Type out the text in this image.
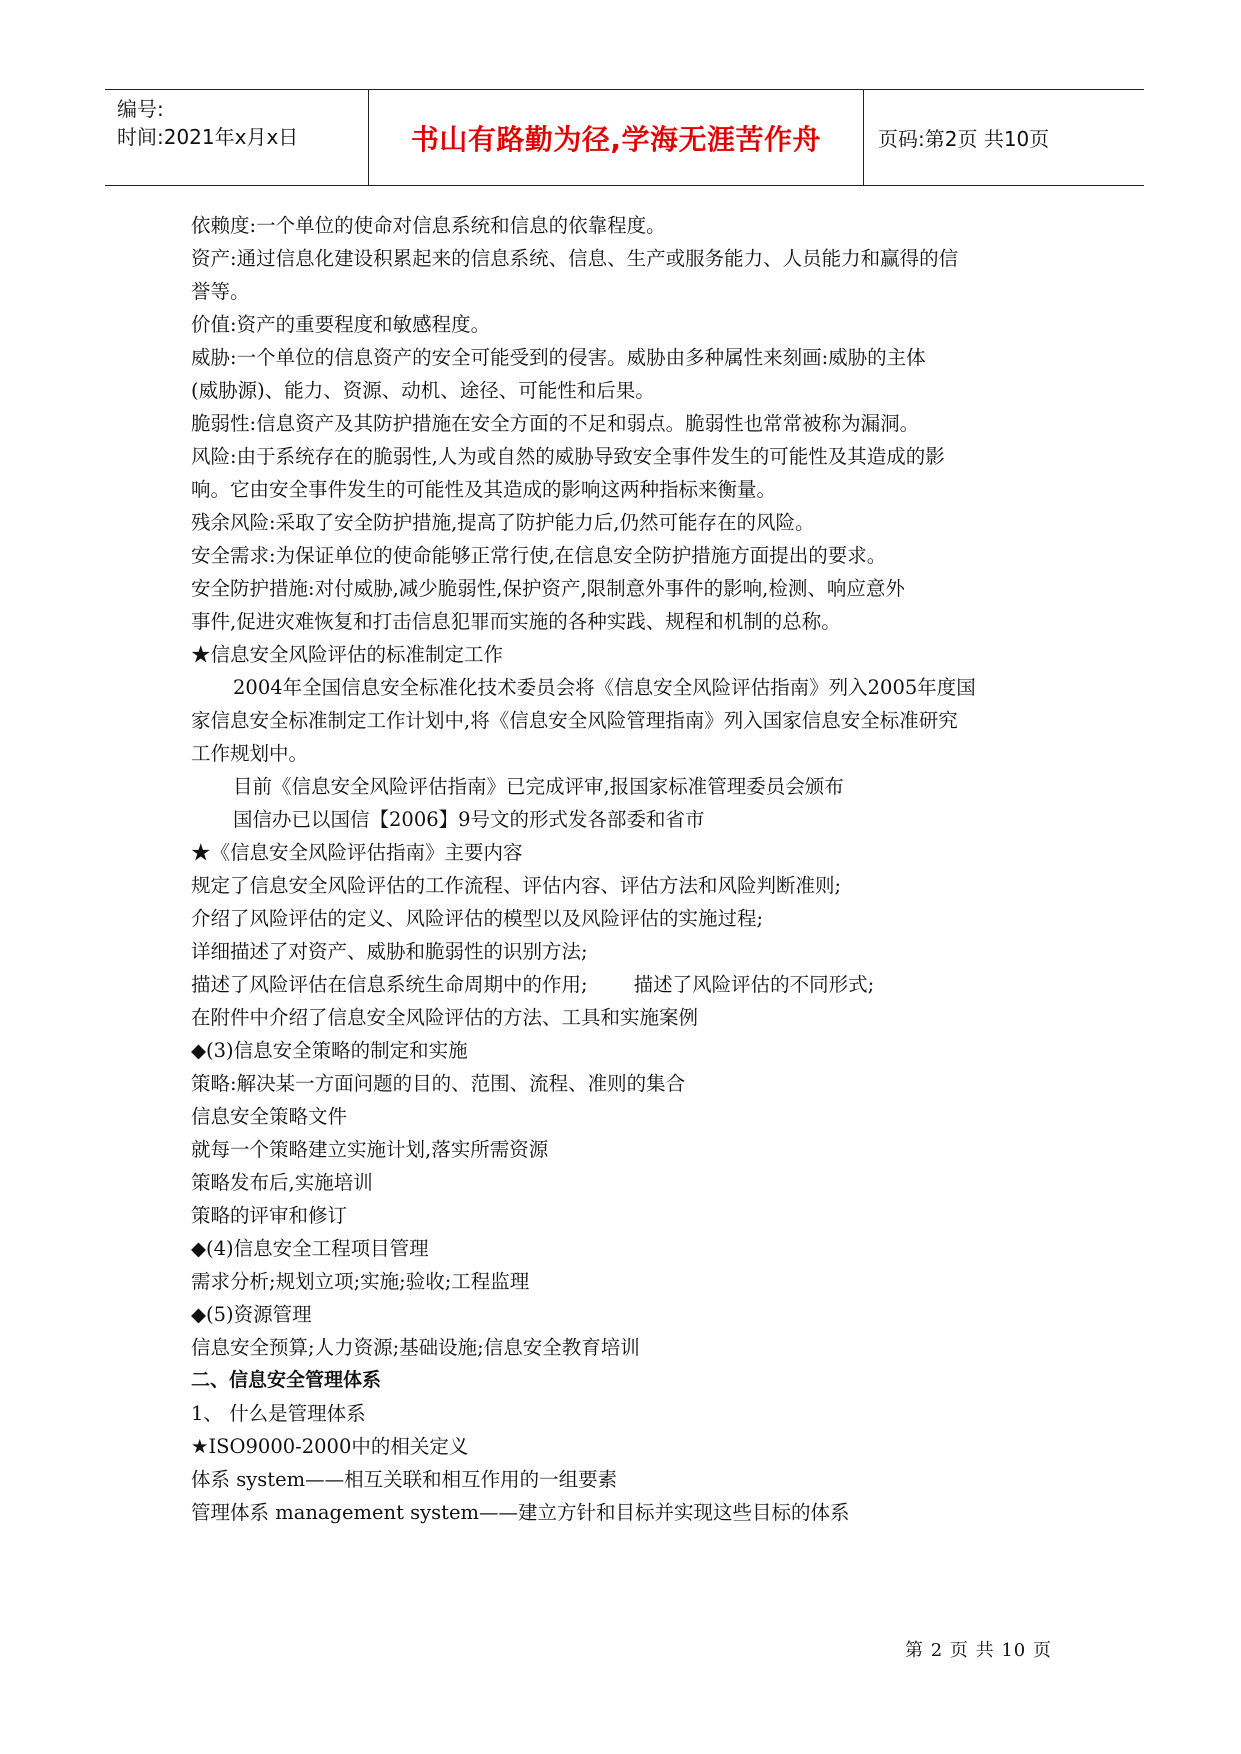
编号:
时间:2021年x月x日	书山有路勤为径,学海无涯苦作舟	页码:第2页 共10页

依赖度:一个单位的使命对信息系统和信息的依靠程度。

资产:通过信息化建设积累起来的信息系统、信息、生产或服务能力、人员能力和赢得的信

誉等。

价值:资产的重要程度和敏感程度。

威胁:一个单位的信息资产的安全可能受到的侵害。威胁由多种属性来刻画:威胁的主体

(威胁源)、能力、资源、动机、途径、可能性和后果。

脆弱性:信息资产及其防护措施在安全方面的不足和弱点。脆弱性也常常被称为漏洞。

风险:由于系统存在的脆弱性,人为或自然的威胁导致安全事件发生的可能性及其造成的影

响。它由安全事件发生的可能性及其造成的影响这两种指标来衡量。

残余风险:采取了安全防护措施,提高了防护能力后,仍然可能存在的风险。

安全需求:为保证单位的使命能够正常行使,在信息安全防护措施方面提出的要求。

安全防护措施:对付威胁,减少脆弱性,保护资产,限制意外事件的影响,检测、响应意外

事件,促进灾难恢复和打击信息犯罪而实施的各种实践、规程和机制的总称。

★信息安全风险评估的标准制定工作

2004年全国信息安全标准化技术委员会将《信息安全风险评估指南》列入2005年度国

家信息安全标准制定工作计划中,将《信息安全风险管理指南》列入国家信息安全标准研究

工作规划中。

目前《信息安全风险评估指南》已完成评审,报国家标准管理委员会颁布

国信办已以国信【2006】9号文的形式发各部委和省市

★《信息安全风险评估指南》主要内容

规定了信息安全风险评估的工作流程、评估内容、评估方法和风险判断准则;

介绍了风险评估的定义、风险评估的模型以及风险评估的实施过程;

详细描述了对资产、威胁和脆弱性的识别方法;

描述了风险评估在信息系统生命周期中的作用; 描述了风险评估的不同形式;

在附件中介绍了信息安全风险评估的方法、工具和实施案例

◆(3)信息安全策略的制定和实施

策略:解决某一方面问题的目的、范围、流程、准则的集合

信息安全策略文件

就每一个策略建立实施计划,落实所需资源

策略发布后,实施培训

策略的评审和修订

◆(4)信息安全工程项目管理

需求分析;规划立项;实施;验收;工程监理

◆(5)资源管理

信息安全预算;人力资源;基础设施;信息安全教育培训

二、信息安全管理体系

1、 什么是管理体系

★ISO9000-2000中的相关定义

体系 system——相互关联和相互作用的一组要素

管理体系 management system——建立方针和目标并实现这些目标的体系

第 2 页 共 10 页
